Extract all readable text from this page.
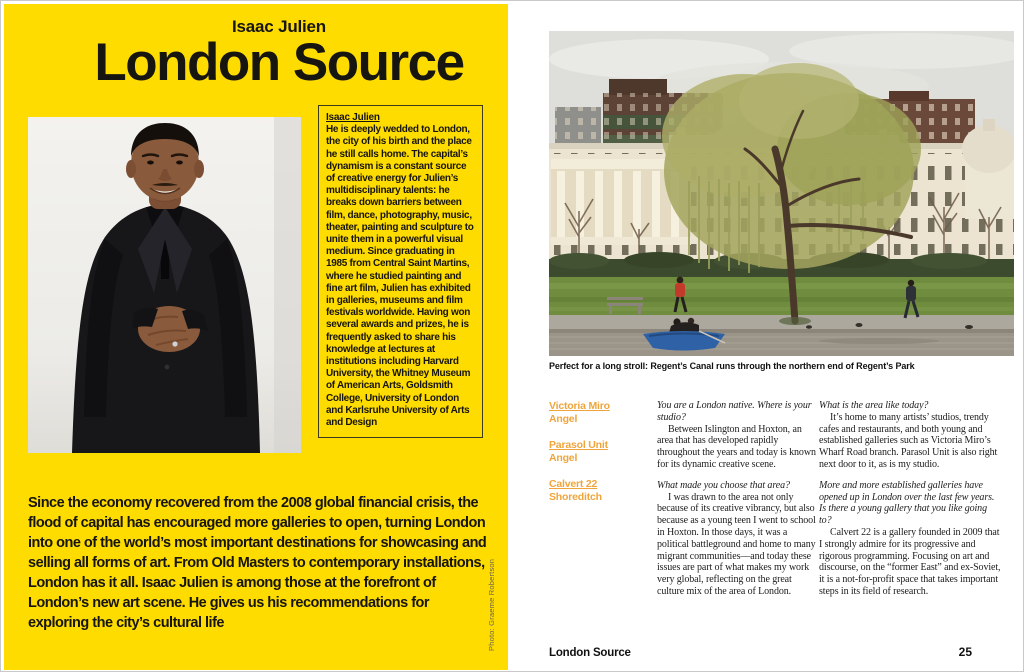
Isaac Julien
London Source
Isaac Julien
He is deeply wedded to London, the city of his birth and the place he still calls home. The capital’s dynamism is a constant source of creative energy for Julien’s multidisciplinary talents: he breaks down barriers between film, dance, photography, music, theater, painting and sculpture to unite them in a powerful visual medium. Since graduating in 1985 from Central Saint Martins, where he studied painting and fine art film, Julien has exhibited in galleries, museums and film festivals worldwide. Having won several awards and prizes, he is frequently asked to share his knowledge at lectures at institutions including Harvard University, the Whitney Museum of American Arts, Goldsmith College, University of London and Karlsruhe University of Arts and Design
Since the economy recovered from the 2008 global financial crisis, the flood of capital has encouraged more galleries to open, turning London into one of the world’s most important destinations for showcasing and selling all forms of art. From Old Masters to contemporary installations, London has it all. Isaac Julien is among those at the forefront of London’s new art scene. He gives us his recommendations for exploring the city’s cultural life	Photo: Graeme Robertson
Perfect for a long stroll: Regent’s Canal runs through the northern end of Regent’s Park
Victoria Miro
Angel
Parasol Unit
Angel
Calvert 22
Shoreditch
You are a London native. Where is your studio?
Between Islington and Hoxton, an area that has developed rapidly throughout the years and today is known for its dynamic creative scene.
What made you choose that area?
I was drawn to the area not only because of its creative vibrancy, but also because as a young teen I went to school in Hoxton. In those days, it was a political battleground and home to many migrant communities—and today these issues are part of what makes my work very global, reflecting on the great culture mix of the area of London.
What is the area like today?
It’s home to many artists’ studios, trendy cafes and restaurants, and both young and established galleries such as Victoria Miro’s Wharf Road branch. Parasol Unit is also right next door to it, as is my studio.
More and more established galleries have opened up in London over the last few years. Is there a young gallery that you like going to?
Calvert 22 is a gallery founded in 2009 that I strongly admire for its progressive and rigorous programming. Focusing on art and discourse, on the “former East” and ex-Soviet, it is a not-for-profit space that takes important steps in its field of research.
London Source	25
